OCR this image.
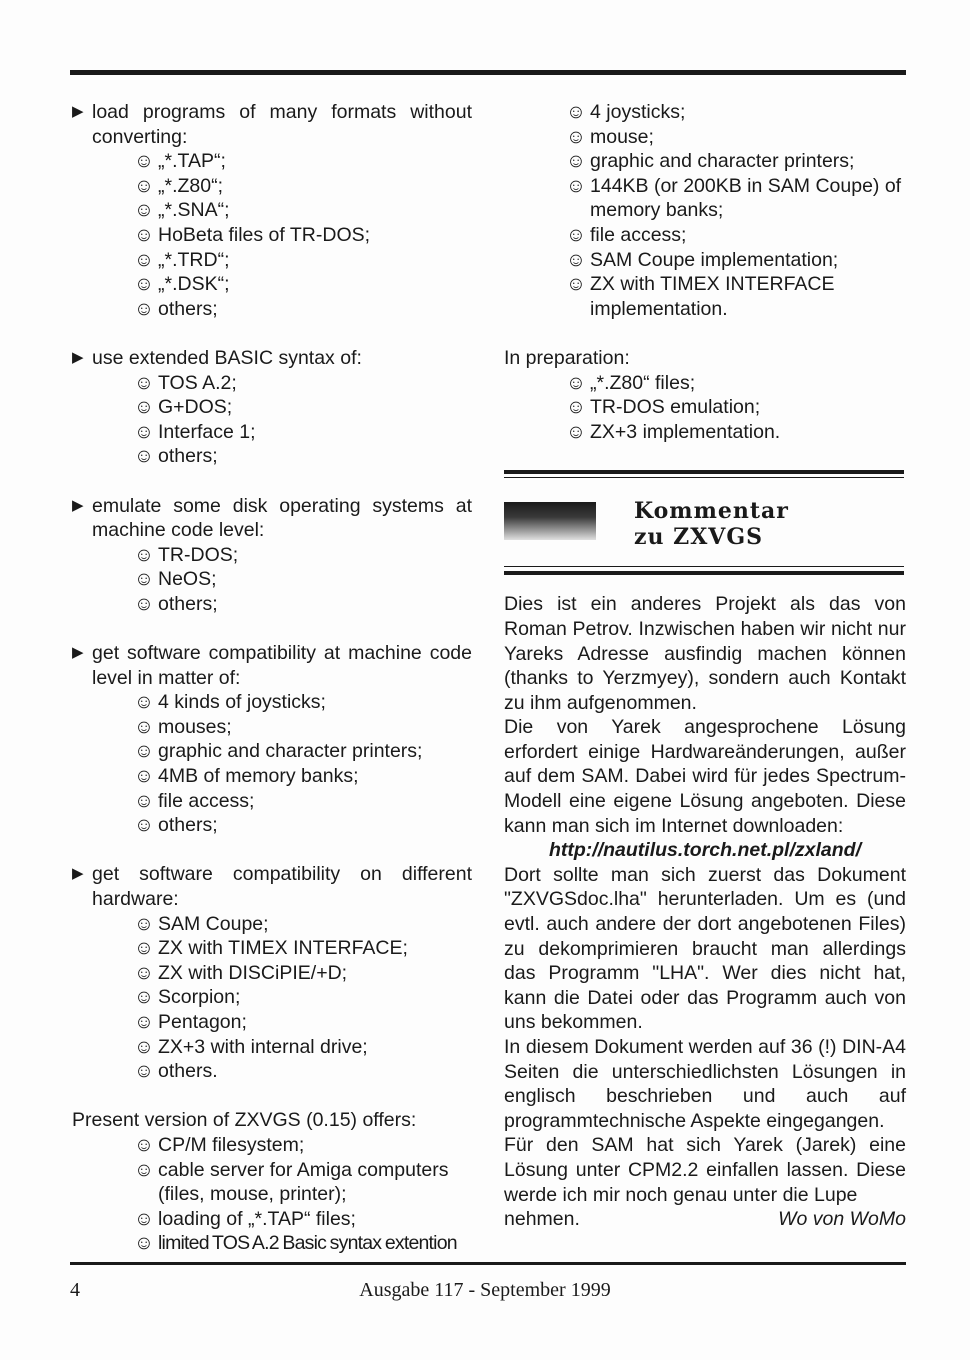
▶ load programs of many formats without converting:
☺ „*.TAP“;
☺ „*.Z80“;
☺ „*.SNA“;
☺ HoBeta files of TR-DOS;
☺ „*.TRD“;
☺ „*.DSK“;
☺ others;
▶ use extended BASIC syntax of:
☺ TOS A.2;
☺ G+DOS;
☺ Interface 1;
☺ others;
▶ emulate some disk operating systems at machine code level:
☺ TR-DOS;
☺ NeOS;
☺ others;
▶ get software compatibility at machine code level in matter of:
☺ 4 kinds of joysticks;
☺ mouses;
☺ graphic and character printers;
☺ 4MB of memory banks;
☺ file access;
☺ others;
▶ get software compatibility on different hardware:
☺ SAM Coupe;
☺ ZX with TIMEX INTERFACE;
☺ ZX with DISCiPIE/+D;
☺ Scorpion;
☺ Pentagon;
☺ ZX+3 with internal drive;
☺ others.
Present version of ZXVGS (0.15) offers:
☺ CP/M filesystem;
☺ cable server for Amiga computers (files, mouse, printer);
☺ loading of „*.TAP“ files;
☺ limited TOS A.2 Basic syntax extention
☺ 4 joysticks;
☺ mouse;
☺ graphic and character printers;
☺ 144KB (or 200KB in SAM Coupe) of memory banks;
☺ file access;
☺ SAM Coupe implementation;
☺ ZX with TIMEX INTERFACE implementation.
In preparation:
☺ „*.Z80“ files;
☺ TR-DOS emulation;
☺ ZX+3 implementation.
Kommentar
zu ZXVGS
Dies ist ein anderes Projekt als das von Roman Petrov. Inzwischen haben wir nicht nur Yareks Adresse ausfindig machen können (thanks to Yerzmyey), sondern auch Kontakt zu ihm aufgenommen.
Die von Yarek angesprochene Lösung erfordert einige Hardwareänderungen, außer auf dem SAM. Dabei wird für jedes Spectrum-Modell eine eigene Lösung angeboten. Diese kann man sich im Internet downloaden:
http://nautilus.torch.net.pl/zxland/
Dort sollte man sich zuerst das Dokument "ZXVGSdoc.lha" herunterladen. Um es (und evtl. auch andere der dort angebotenen Files) zu dekomprimieren braucht man allerdings das Programm "LHA". Wer dies nicht hat, kann die Datei oder das Programm auch von uns bekommen.
In diesem Dokument werden auf 36 (!) DIN-A4 Seiten die unterschiedlichsten Lösungen in englisch beschrieben und auch auf programmtechnische Aspekte eingegangen.
Für den SAM hat sich Yarek (Jarek) eine Lösung unter CPM2.2 einfallen lassen. Diese werde ich mir noch genau unter die Lupe
nehmen.	Wo von WoMo
4	Ausgabe 117 - September 1999
